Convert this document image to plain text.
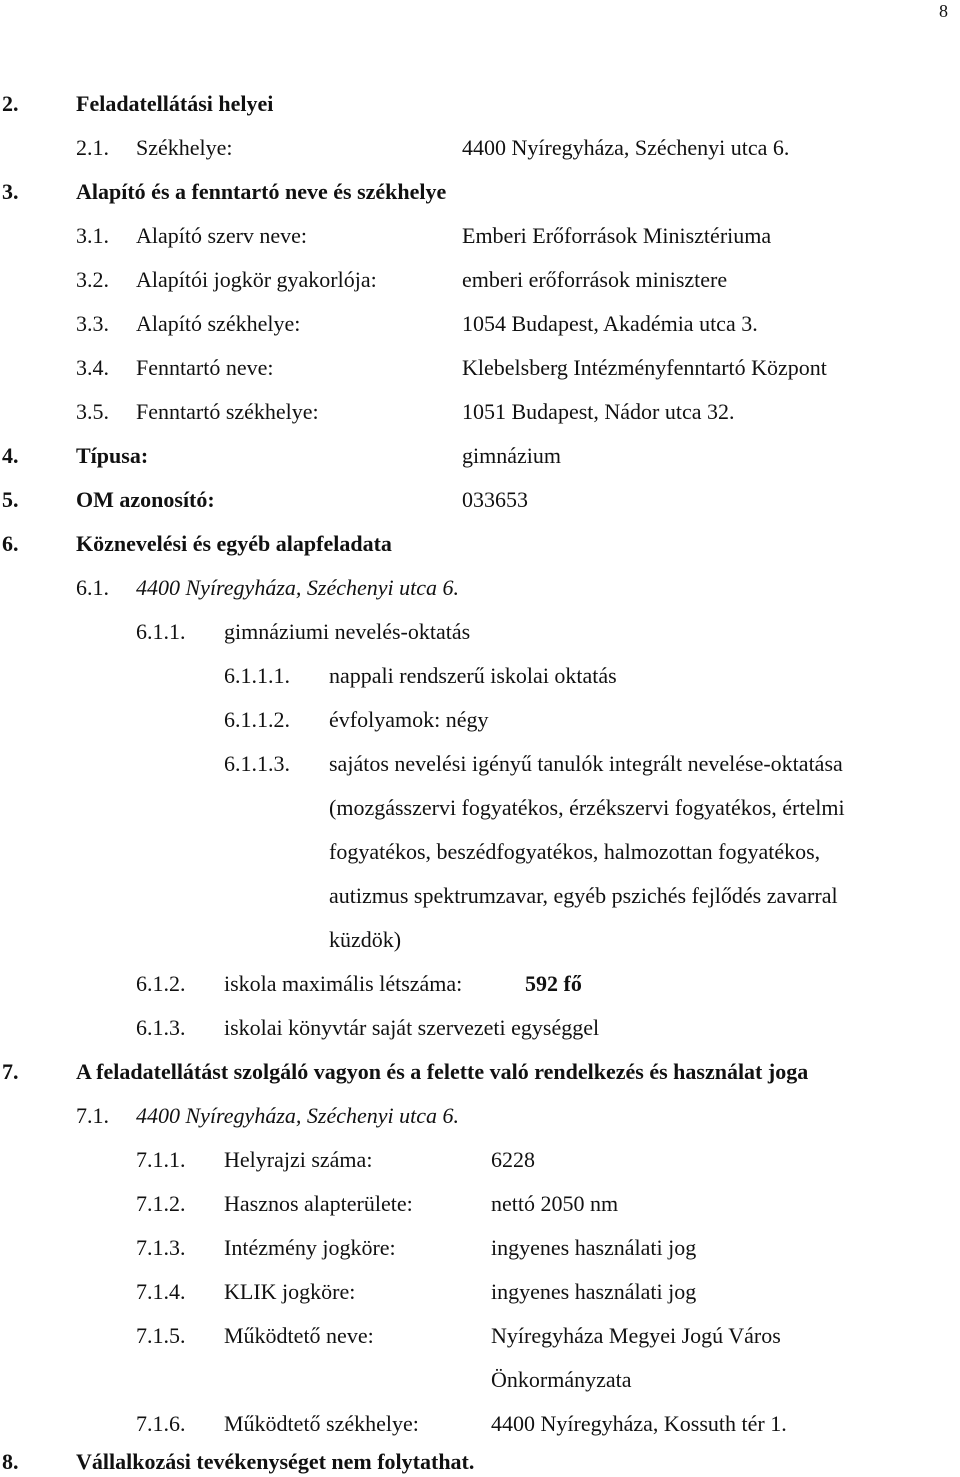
8
2.	Feladatellátási helyei
2.1. Székhelye:	4400 Nyíregyháza, Széchenyi utca 6.
3.	Alapító és a fenntartó neve és székhelye
3.1. Alapító szerv neve:	Emberi Erőforrások Minisztériuma
3.2. Alapítói jogkör gyakorlója:	emberi erőforrások minisztere
3.3. Alapító székhelye:	1054 Budapest, Akadémia utca 3.
3.4. Fenntartó neve:	Klebelsberg Intézményfenntartó Központ
3.5. Fenntartó székhelye:	1051 Budapest, Nádor utca 32.
4.	Típusa:	gimnázium
5.	OM azonosító:	033653
6.	Köznevelési és egyéb alapfeladata
6.1. 4400 Nyíregyháza, Széchenyi utca 6.
6.1.1. gimnáziumi nevelés-oktatás
6.1.1.1. nappali rendszerű iskolai oktatás
6.1.1.2. évfolyamok: négy
6.1.1.3. sajátos nevelési igényű tanulók integrált nevelése-oktatása
(mozgásszervi fogyatékos, érzékszervi fogyatékos, értelmi
fogyatékos, beszédfogyatékos, halmozottan fogyatékos,
autizmus spektrumzavar, egyéb pszichés fejlődés zavarral
küzdök)
6.1.2. iskola maximális létszáma:	592 fő
6.1.3. iskolai könyvtár saját szervezeti egységgel
7.	A feladatellátást szolgáló vagyon és a felette való rendelkezés és használat joga
7.1. 4400 Nyíregyháza, Széchenyi utca 6.
7.1.1. Helyrajzi száma:	6228
7.1.2. Hasznos alapterülete:	nettó 2050 nm
7.1.3. Intézmény jogköre:	ingyenes használati jog
7.1.4. KLIK jogköre:	ingyenes használati jog
7.1.5. Működtető neve:	Nyíregyháza Megyei Jogú Város
Önkormányzata
7.1.6. Működtető székhelye:	4400 Nyíregyháza, Kossuth tér 1.
8.	Vállalkozási tevékenységet nem folytathat.
